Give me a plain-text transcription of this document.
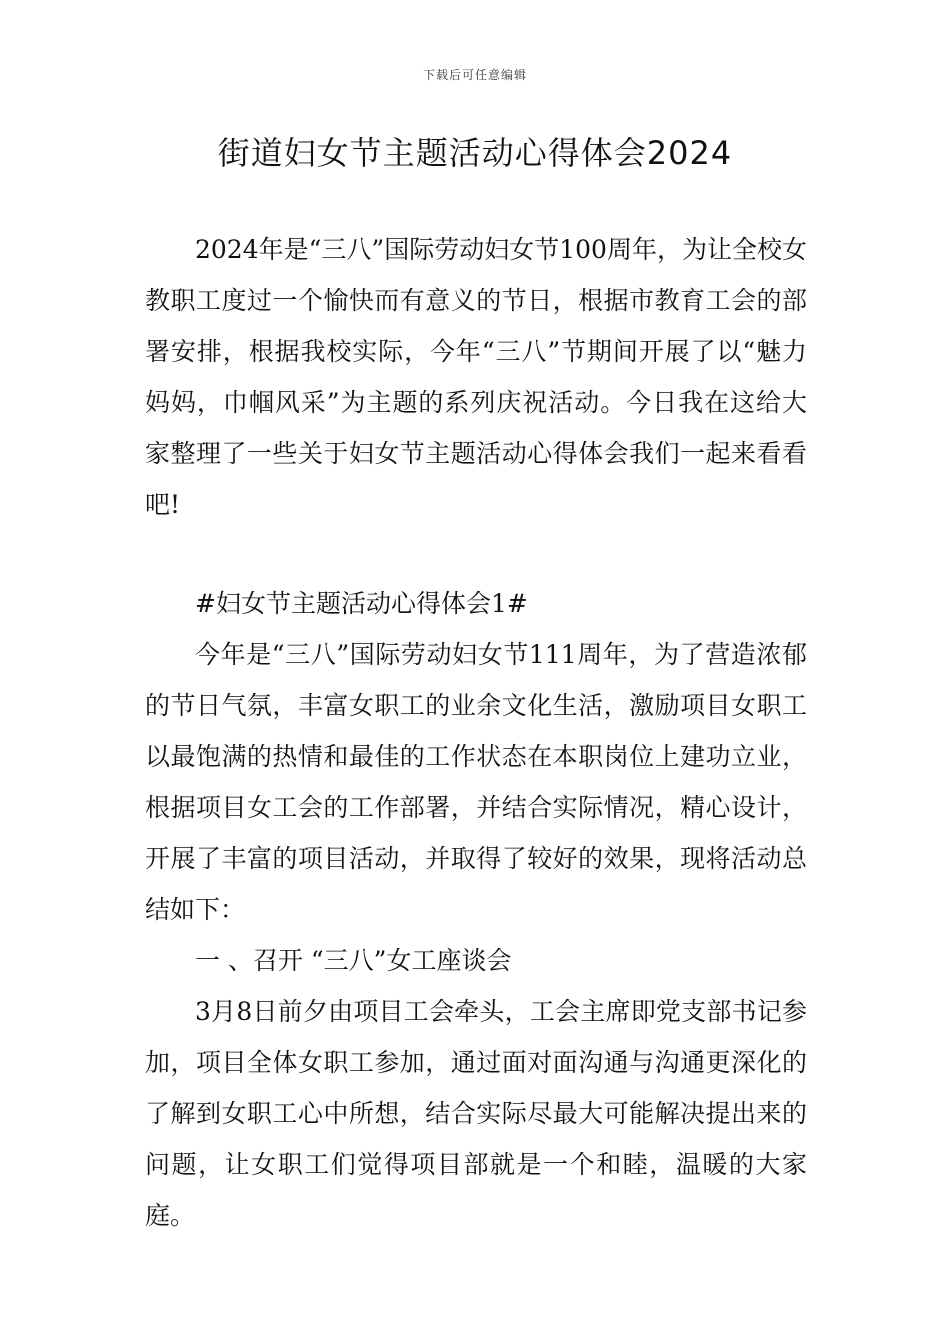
下载后可任意编辑
街道妇女节主题活动心得体会2024

2024年是“三八”国际劳动妇女节100周年，为让全校女教职工度过一个愉快而有意义的节日，根据市教育工会的部署安排，根据我校实际，今年“三八”节期间开展了以“魅力妈妈，巾帼风采”为主题的系列庆祝活动。今日我在这给大家整理了一些关于妇女节主题活动心得体会我们一起来看看吧!

#妇女节主题活动心得体会1#

今年是“三八”国际劳动妇女节111周年，为了营造浓郁的节日气氛，丰富女职工的业余文化生活，激励项目女职工以最饱满的热情和最佳的工作状态在本职岗位上建功立业，根据项目女工会的工作部署，并结合实际情况，精心设计，开展了丰富的项目活动，并取得了较好的效果，现将活动总结如下：

一 、召开 “三八”女工座谈会

3月8日前夕由项目工会牵头，工会主席即党支部书记参加，项目全体女职工参加，通过面对面沟通与沟通更深化的了解到女职工心中所想，结合实际尽最大可能解决提出来的问题，让女职工们觉得项目部就是一个和睦，温暖的大家庭。
